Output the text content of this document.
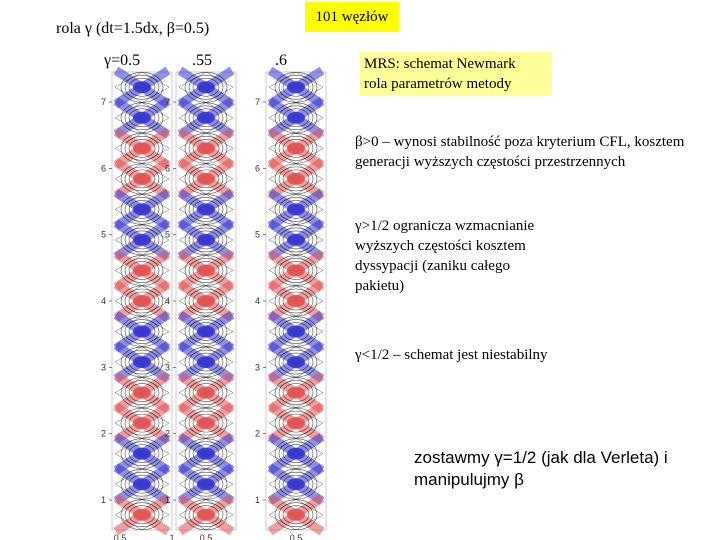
101 węzłów
rola γ (dt=1.5dx, β=0.5)
γ=0.5	.55	.6	MRS: schemat Newmark
rola parametrów metody
β>0 – wynosi stabilność poza kryterium CFL, kosztem generacji wyższych częstości przestrzennych
γ>1/2 ogranicza wzmacnianie wyższych częstości kosztem dyssypacji (zaniku całego pakietu)
γ<1/2 – schemat jest niestabilny
zostawmy γ=1/2 (jak dla Verleta) i manipulujmy β
7
6
5
4
3
2
1
0.5	1
7
6
5
4
3
2
1
0.5
7
6
5
4
3
2
1
0.5
